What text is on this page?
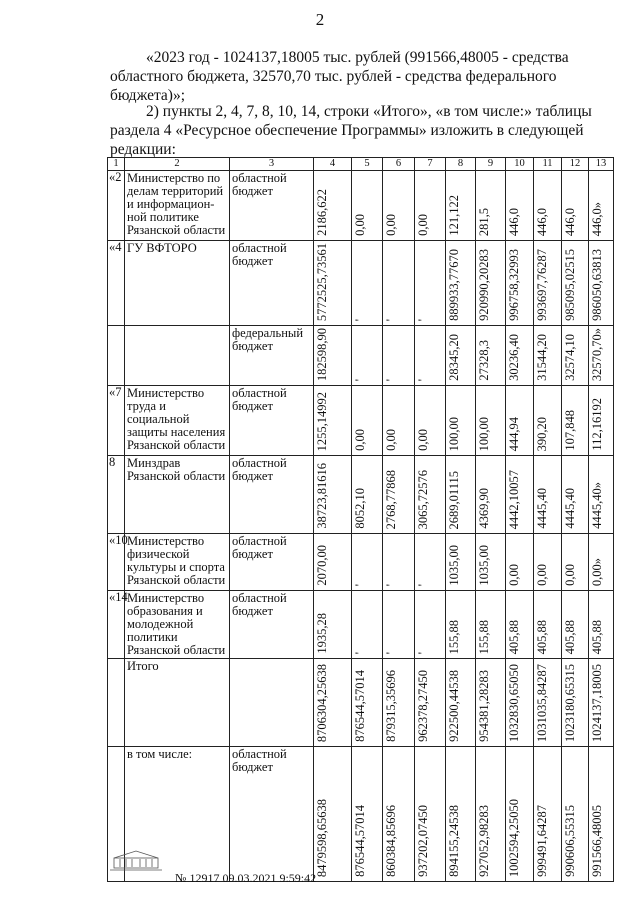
2
«2023 год - 1024137,18005 тыс. рублей (991566,48005 - средства
областного бюджета, 32570,70 тыс. рублей - средства федерального
бюджета)»;
2) пункты 2, 4, 7, 8, 10, 14, строки «Итого», «в том числе:» таблицы
раздела 4 «Ресурсное обеспечение Программы» изложить в следующей
редакции:
1	2	3	4	5	6	7	8	9	10	11	12	13
«2	Министерство по делам территорий и информацион-ной политике Рязанской области	областной бюджет	2186,622	0,00	0,00	0,00	121,122	281,5	446,0	446,0	446,0	446,0»

«4	ГУ ВФТОРО	областной бюджет	5772525,73561	'	'	'	889933,77670	920990,20283	996758,32993	993697,76287	985095,02515	986050,63813

		федеральный бюджет	182598,90	'	'	'	28345,20	27328,3	30236,40	31544,20	32574,10	32570,70»

«7	Министерство труда и социальной защиты населения Рязанской области	областной бюджет	1255,14992	0,00	0,00	0,00	100,00	100,00	444,94	390,20	107,848	112,16192

8	Минздрав Рязанской области	областной бюджет	38723,81616	8052,10	2768,77868	3065,72576	2689,01115	4369,90	4442,10057	4445,40	4445,40	4445,40»

«10	Министерство физической культуры и спорта Рязанской области	областной бюджет	2070,00	'	'	'	1035,00	1035,00	0,00	0,00	0,00	0,00»

«14	Министерство образования и молодежной политики Рязанской области	областной бюджет	1935,28	'	'	'	155,88	155,88	405,88	405,88	405,88	405,88

	Итого		8706304,25638	876544,57014	879315,35696	962378,27450	922500,44538	954381,28283	1032830,65050	1031035,84287	1023180,65315	1024137,18005

	в том числе:	областной бюджет	8479598,65638	876544,57014	860384,85696	937202,07450	894155,24538	927052,98283	1002594,25050	999491,64287	990606,55315	991566,48005
№ 12917 09.03.2021 9:59:42
